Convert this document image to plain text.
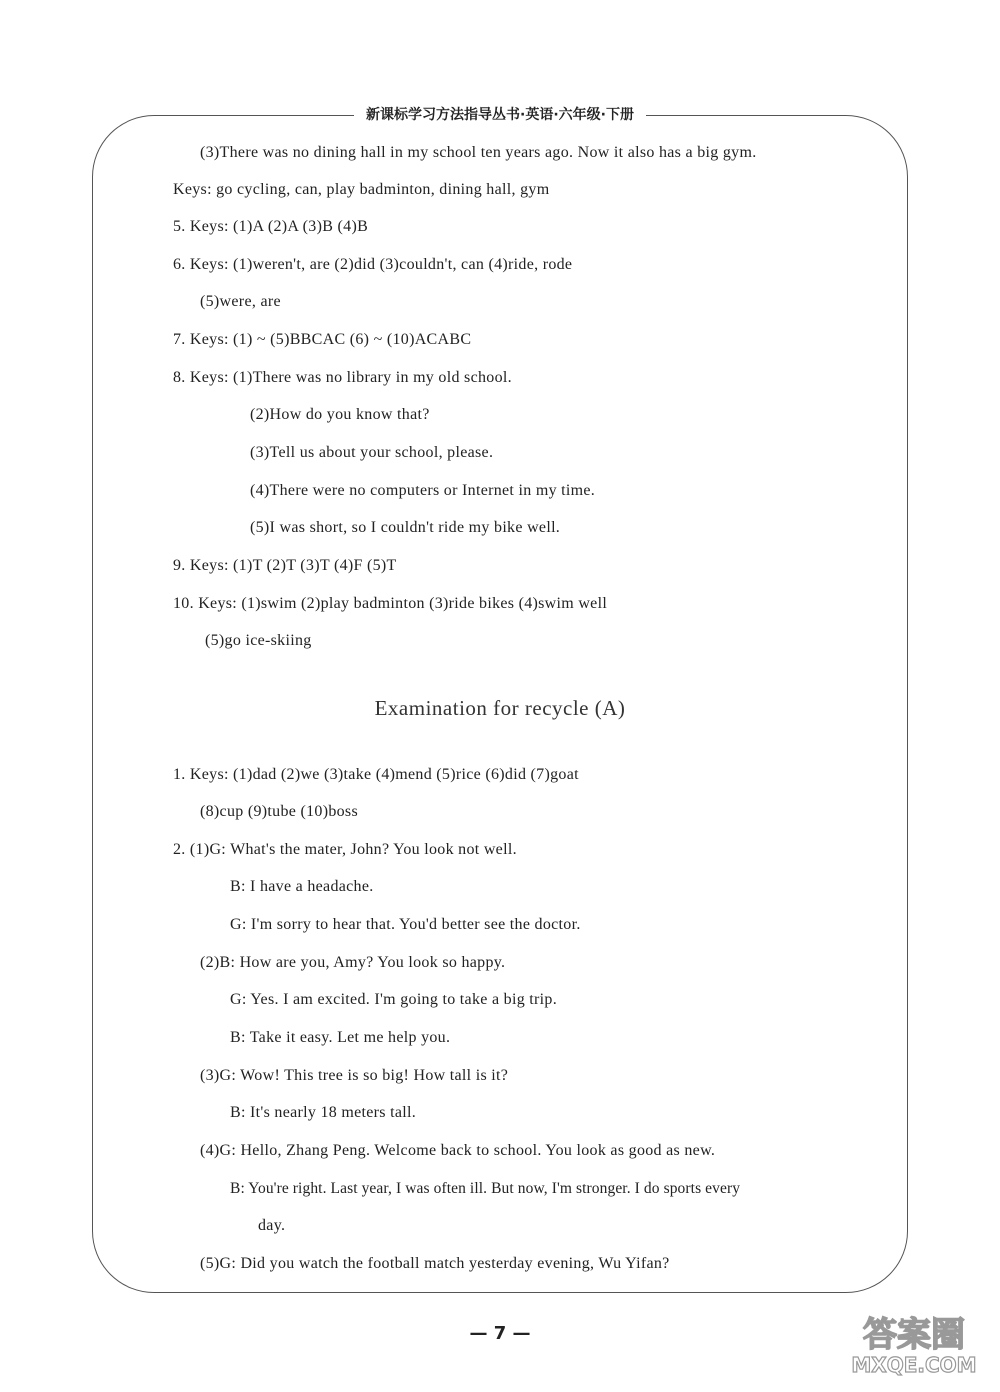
新课标学习方法指导丛书·英语·六年级·下册
(3)There was no dining hall in my school ten years ago. Now it also has a big gym.
Keys: go cycling, can, play badminton, dining hall, gym
5. Keys: (1)A (2)A (3)B (4)B
6. Keys: (1)weren't, are (2)did (3)couldn't, can (4)ride, rode
(5)were, are
7. Keys: (1) ~ (5)BBCAC (6) ~ (10)ACABC
8. Keys: (1)There was no library in my old school.
(2)How do you know that?
(3)Tell us about your school, please.
(4)There were no computers or Internet in my time.
(5)I was short, so I couldn't ride my bike well.
9. Keys: (1)T (2)T (3)T (4)F (5)T
10. Keys: (1)swim (2)play badminton (3)ride bikes (4)swim well
(5)go ice-skiing
Examination for recycle (A)
1. Keys: (1)dad (2)we (3)take (4)mend (5)rice (6)did (7)goat
(8)cup (9)tube (10)boss
2. (1)G: What's the mater, John? You look not well.
B: I have a headache.
G: I'm sorry to hear that. You'd better see the doctor.
(2)B: How are you, Amy? You look so happy.
G: Yes. I am excited. I'm going to take a big trip.
B: Take it easy. Let me help you.
(3)G: Wow! This tree is so big! How tall is it?
B: It's nearly 18 meters tall.
(4)G: Hello, Zhang Peng. Welcome back to school. You look as good as new.
B: You're right. Last year, I was often ill. But now, I'm stronger. I do sports every
day.
(5)G: Did you watch the football match yesterday evening, Wu Yifan?
— 7 —	答案圈
MXQE.COM
